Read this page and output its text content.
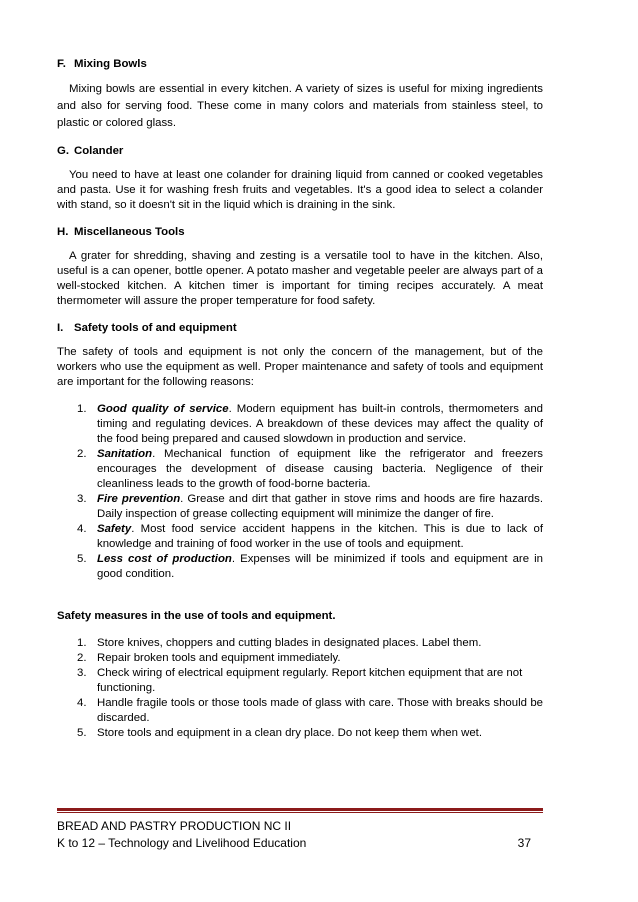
F. Mixing Bowls

Mixing bowls are essential in every kitchen. A variety of sizes is useful for mixing ingredients and also for serving food. These come in many colors and materials from stainless steel, to plastic or colored glass.

G. Colander

You need to have at least one colander for draining liquid from canned or cooked vegetables and pasta. Use it for washing fresh fruits and vegetables. It's a good idea to select a colander with stand, so it doesn't sit in the liquid which is draining in the sink.

H. Miscellaneous Tools

A grater for shredding, shaving and zesting is a versatile tool to have in the kitchen. Also, useful is a can opener, bottle opener. A potato masher and vegetable peeler are always part of a well-stocked kitchen. A kitchen timer is important for timing recipes accurately. A meat thermometer will assure the proper temperature for food safety.

I. Safety tools of and equipment

The safety of tools and equipment is not only the concern of the management, but of the workers who use the equipment as well. Proper maintenance and safety of tools and equipment are important for the following reasons:

1. Good quality of service. Modern equipment has built-in controls, thermometers and timing and regulating devices. A breakdown of these devices may affect the quality of the food being prepared and caused slowdown in production and service.
2. Sanitation. Mechanical function of equipment like the refrigerator and freezers encourages the development of disease causing bacteria. Negligence of their cleanliness leads to the growth of food-borne bacteria.
3. Fire prevention. Grease and dirt that gather in stove rims and hoods are fire hazards. Daily inspection of grease collecting equipment will minimize the danger of fire.
4. Safety. Most food service accident happens in the kitchen. This is due to lack of knowledge and training of food worker in the use of tools and equipment.
5. Less cost of production. Expenses will be minimized if tools and equipment are in good condition.
Safety measures in the use of tools and equipment.
1. Store knives, choppers and cutting blades in designated places. Label them.
2. Repair broken tools and equipment immediately.
3. Check wiring of electrical equipment regularly. Report kitchen equipment that are not functioning.
4. Handle fragile tools or those tools made of glass with care. Those with breaks should be discarded.
5. Store tools and equipment in a clean dry place. Do not keep them when wet.
BREAD AND PASTRY PRODUCTION NC II
K to 12 – Technology and Livelihood Education	37
